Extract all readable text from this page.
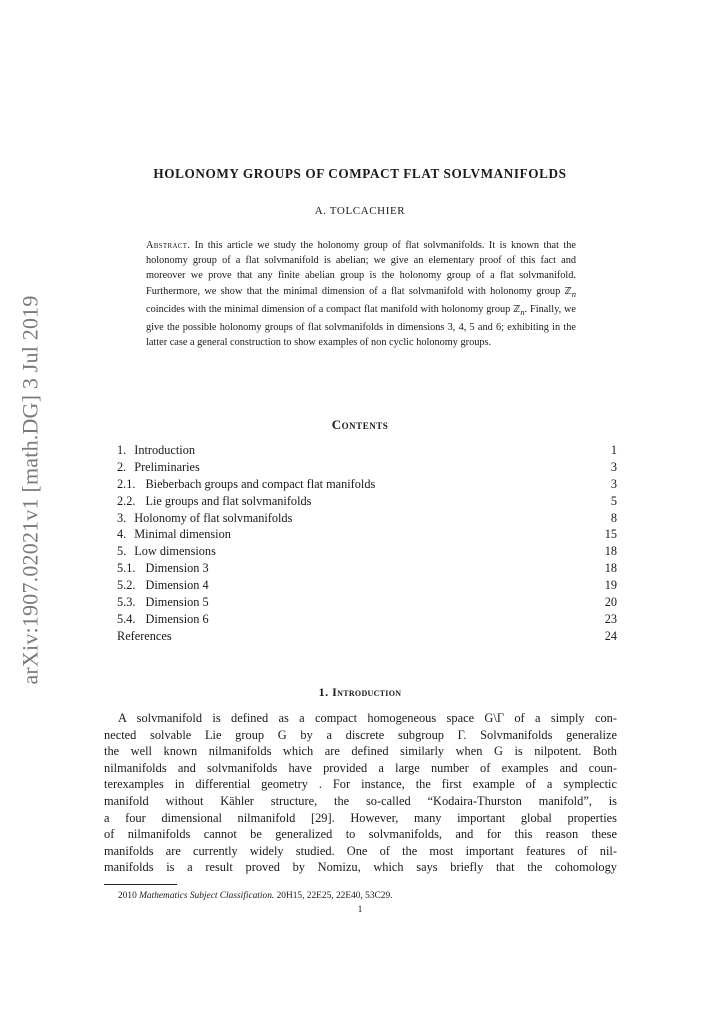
arXiv:1907.02021v1 [math.DG] 3 Jul 2019
HOLONOMY GROUPS OF COMPACT FLAT SOLVMANIFOLDS

A. TOLCACHIER

Abstract. In this article we study the holonomy group of flat solvmanifolds. It is known that the holonomy group of a flat solvmanifold is abelian; we give an elementary proof of this fact and moreover we prove that any finite abelian group is the holonomy group of a flat solvmanifold. Furthermore, we show that the minimal dimension of a flat solvmanifold with holonomy group ℤ$_n$ coincides with the minimal dimension of a compact flat manifold with holonomy group ℤ$_n$. Finally, we give the possible holonomy groups of flat solvmanifolds in dimensions 3, 4, 5 and 6; exhibiting in the latter case a general construction to show examples of non cyclic holonomy groups.

Contents
1. Introduction	1
2. Preliminaries	3
2.1. Bieberbach groups and compact flat manifolds	3
2.2. Lie groups and flat solvmanifolds	5
3. Holonomy of flat solvmanifolds	8
4. Minimal dimension	15
5. Low dimensions	18
5.1. Dimension 3	18
5.2. Dimension 4	19
5.3. Dimension 5	20
5.4. Dimension 6	23
References	24
1. Introduction
A solvmanifold is defined as a compact homogeneous space G\Γ of a simply con-
nected solvable Lie group G by a discrete subgroup Γ. Solvmanifolds generalize
the well known nilmanifolds which are defined similarly when G is nilpotent. Both
nilmanifolds and solvmanifolds have provided a large number of examples and coun-
terexamples in differential geometry . For instance, the first example of a symplectic
manifold without Kähler structure, the so-called “Kodaira-Thurston manifold”, is
a four dimensional nilmanifold [29]. However, many important global properties
of nilmanifolds cannot be generalized to solvmanifolds, and for this reason these
manifolds are currently widely studied. One of the most important features of nil-
manifolds is a result proved by Nomizu, which says briefly that the cohomology

2010 Mathematics Subject Classification. 20H15, 22E25, 22E40, 53C29.

1
